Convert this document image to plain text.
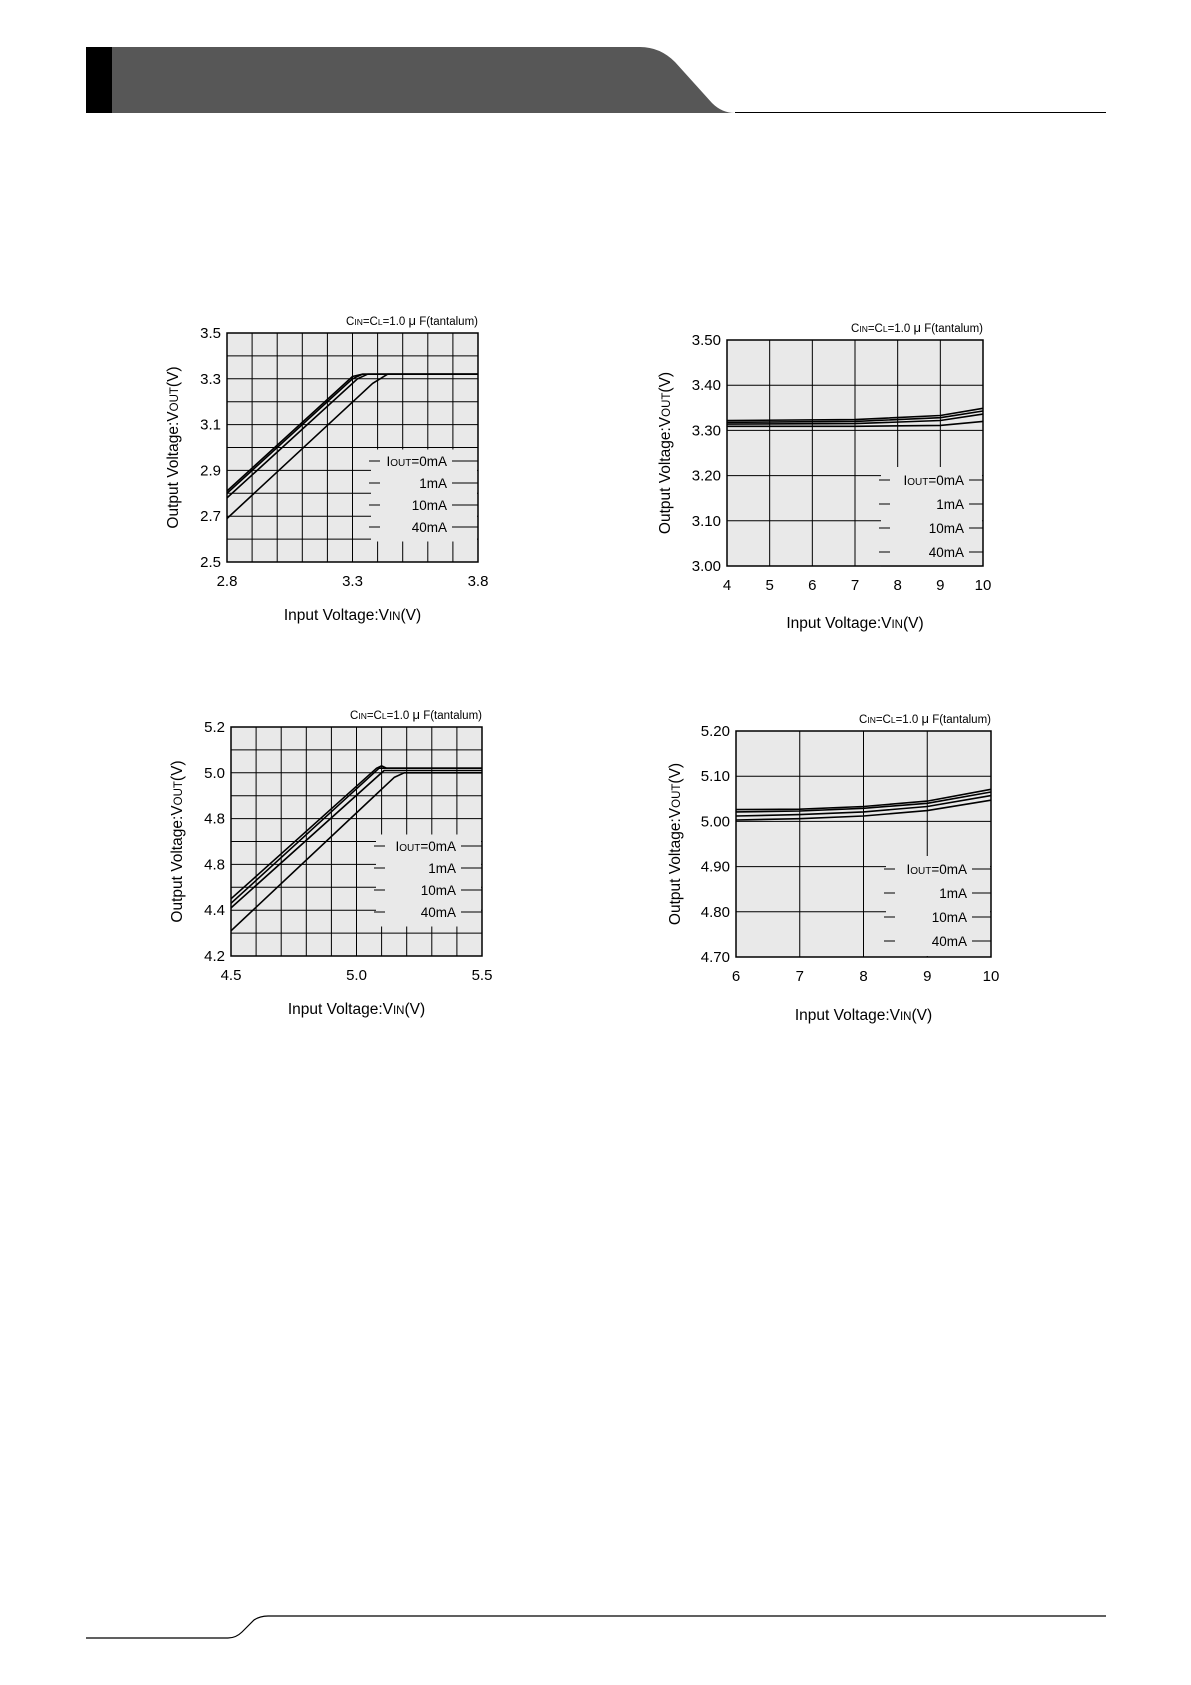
IOUT=0mA
1mA
10mA
40mA
2.8	3.3	3.8
2.5
2.7
2.9
3.1
3.3
3.5
CIN=CL=1.0 μ F(tantalum)
Input Voltage:VIN(V)
Output Voltage:VOUT(V)
IOUT=0mA
1mA
10mA
40mA
4 5 6 7 8 9 10
3.00
3.10
3.20
3.30
3.40
3.50
CIN=CL=1.0 μ F(tantalum)
Input Voltage:VIN(V)
Output Voltage:VOUT(V)
IOUT=0mA
1mA
10mA
40mA
4.5	5.0	5.5
4.2
4.4
4.8
4.8
5.0
5.2
CIN=CL=1.0 μ F(tantalum)
Input Voltage:VIN(V)
Output Voltage:VOUT(V)
IOUT=0mA
1mA
10mA
40mA
6	7	8	9	10
4.70
4.80
4.90
5.00
5.10
5.20
CIN=CL=1.0 μ F(tantalum)
Input Voltage:VIN(V)
Output Voltage:VOUT(V)
